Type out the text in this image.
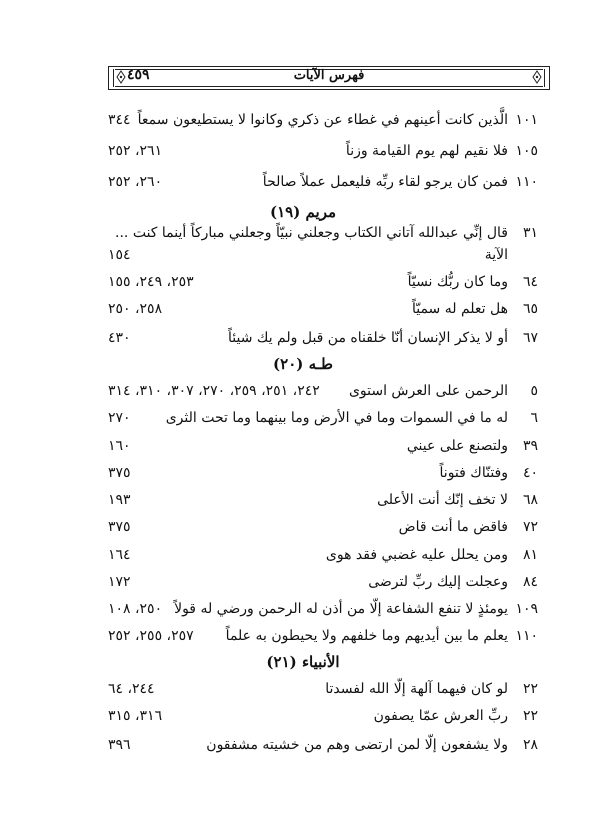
فهرس الآيات
٤٥٩
١٠١
الَّذين كانت أعينهم في غطاء عن ذكري وكانوا لا يستطيعون سمعاً
٣٤٤
١٠٥
فلا نقيم لهم يوم القيامة وزناً
٢٦١، ٢٥٢
١١٠
فمن كان يرجو لقاء ربِّه فليعمل عملاً صالحاً
٢٦٠، ٢٥٢
مريم (١٩)
٣١
قال إنِّي عبدالله آتاني الكتاب وجعلني نبيّاً وجعلني مباركاً أينما كنت ...
الآية
١٥٤
٦٤
وما كان ربُّك نسيّاً
٢٥٣، ٢٤٩، ١٥٥
٦٥
هل تعلم له سميّاً
٢٥٨، ٢٥٠
٦٧
أو لا يذكر الإنسان أنّا خلقناه من قبل ولم يك شيئاً
٤٣٠
طـه (٢٠)
٥
الرحمن على العرش استوى
٢٤٢، ٢٥١، ٢٥٩، ٢٧٠، ٣٠٧، ٣١٠، ٣١٤
٦
له ما في السموات وما في الأرض وما بينهما وما تحت الثرى
٢٧٠
٣٩
ولتصنع على عيني
١٦٠
٤٠
وفتنّاك فتوناً
٣٧٥
٦٨
لا تخف إنّك أنت الأعلى
١٩٣
٧٢
فاقض ما أنت قاض
٣٧٥
٨١
ومن يحلل عليه غضبي فقد هوى
١٦٤
٨٤
وعجلت إليك ربِّ لترضى
١٧٢
١٠٩
يومئذٍ لا تنفع الشفاعة إلّا من أذن له الرحمن ورضي له قولاً
٢٥٠، ١٠٨
١١٠
يعلم ما بين أيديهم وما خلفهم ولا يحيطون به علماً
٢٥٧، ٢٥٥، ٢٥٢
الأنبياء (٢١)
٢٢
لو كان فيهما آلهة إلّا الله لفسدتا
٢٤٤، ٦٤
٢٢
ربِّ العرش عمّا يصفون
٣١٦، ٣١٥
٢٨
ولا يشفعون إلّا لمن ارتضى وهم من خشيته مشفقون
٣٩٦
